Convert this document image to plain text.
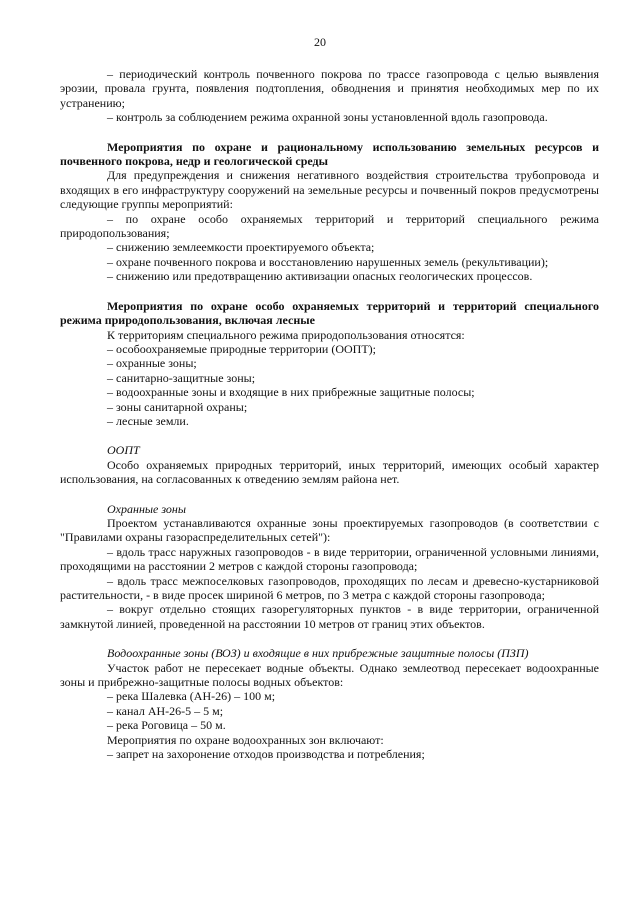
20

– периодический контроль почвенного покрова по трассе газопровода с целью выявления эрозии, провала грунта, появления подтопления, обводнения и принятия необходимых мер по их устранению;

– контроль за соблюдением режима охранной зоны установленной вдоль газопровода.

Мероприятия по охране и рациональному использованию земельных ресурсов и почвенного покрова, недр и геологической среды

Для предупреждения и снижения негативного воздействия строительства трубопровода и входящих в его инфраструктуру сооружений на земельные ресурсы и почвенный покров предусмотрены следующие группы мероприятий:

– по охране особо охраняемых территорий и территорий специального режима природопользования;

– снижению землеемкости проектируемого объекта;

– охране почвенного покрова и восстановлению нарушенных земель (рекультивации);

– снижению или предотвращению активизации опасных геологических процессов.

Мероприятия по охране особо охраняемых территорий и территорий специального режима природопользования, включая лесные

К территориям специального режима природопользования относятся:

– особоохраняемые природные территории (ООПТ);

– охранные зоны;

– санитарно-защитные зоны;

– водоохранные зоны и входящие в них прибрежные защитные полосы;

– зоны санитарной охраны;

– лесные земли.

ООПТ

Особо охраняемых природных территорий, иных территорий, имеющих особый характер использования, на согласованных к отведению землям района нет.

Охранные зоны

Проектом устанавливаются охранные зоны проектируемых газопроводов (в соответствии с "Правилами охраны газораспределительных сетей"):

– вдоль трасс наружных газопроводов - в виде территории, ограниченной условными линиями, проходящими на расстоянии 2 метров с каждой стороны газопровода;

– вдоль трасс межпоселковых газопроводов, проходящих по лесам и древесно-кустарниковой растительности, - в виде просек шириной 6 метров, по 3 метра с каждой стороны газопровода;

– вокруг отдельно стоящих газорегуляторных пунктов - в виде территории, ограниченной замкнутой линией, проведенной на расстоянии 10 метров от границ этих объектов.

Водоохранные зоны (ВОЗ) и входящие в них прибрежные защитные полосы (ПЗП)

Участок работ не пересекает водные объекты. Однако землеотвод пересекает водоохранные зоны и прибрежно-защитные полосы водных объектов:

– река Шалевка (АН-26) – 100 м;

– канал АН-26-5 – 5 м;

– река Роговица – 50 м.

Мероприятия по охране водоохранных зон включают:

– запрет на захоронение отходов производства и потребления;
